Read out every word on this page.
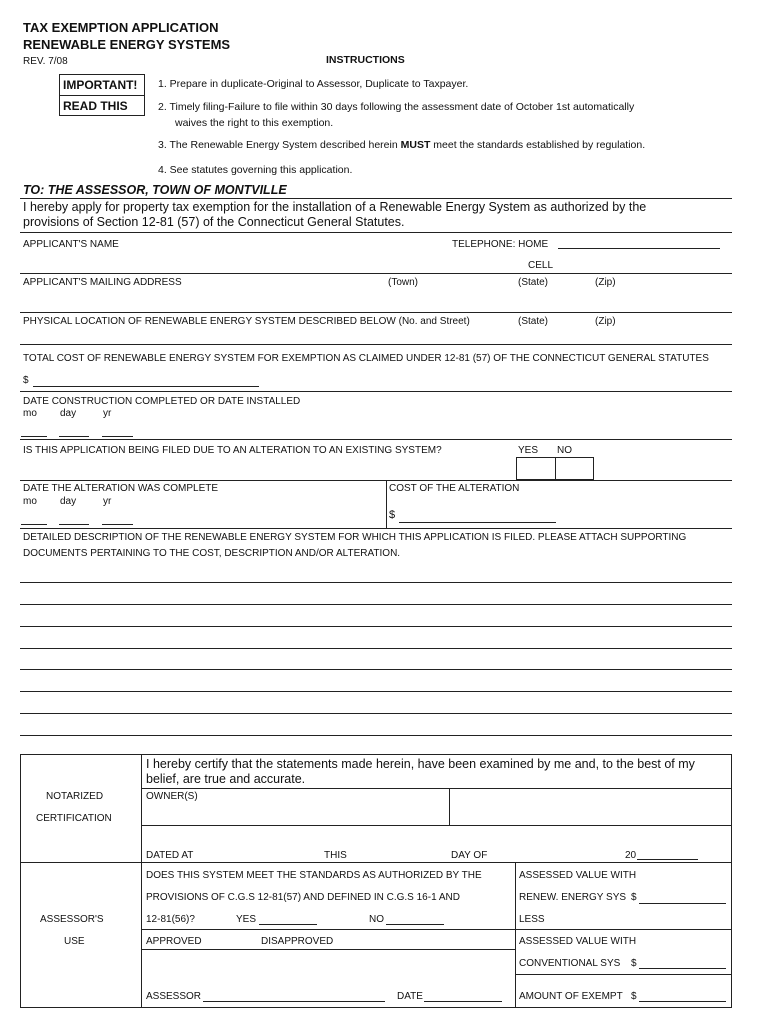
TAX EXEMPTION APPLICATION
RENEWABLE ENERGY SYSTEMS
REV. 7/08	INSTRUCTIONS
IMPORTANT!
READ THIS
1. Prepare in duplicate-Original to Assessor, Duplicate to Taxpayer.
2. Timely filing-Failure to file within 30 days following the assessment date of October 1st automatically
waives the right to this exemption.
3. The Renewable Energy System described herein MUST meet the standards established by regulation.
4. See statutes governing this application.
TO: THE ASSESSOR, TOWN OF MONTVILLE
I hereby apply for property tax exemption for the installation of a Renewable Energy System as authorized by the
provisions of Section 12-81 (57) of the Connecticut General Statutes.
APPLICANT'S NAME	TELEPHONE: HOME
CELL
APPLICANT'S MAILING ADDRESS	(Town)	(State)	(Zip)
PHYSICAL LOCATION OF RENEWABLE ENERGY SYSTEM DESCRIBED BELOW (No. and Street)	(State)	(Zip)
TOTAL COST OF RENEWABLE ENERGY SYSTEM FOR EXEMPTION AS CLAIMED UNDER 12-81 (57) OF THE CONNECTICUT GENERAL STATUTES
$
DATE CONSTRUCTION COMPLETED OR DATE INSTALLED
mo day	yr
IS THIS APPLICATION BEING FILED DUE TO AN ALTERATION TO AN EXISTING SYSTEM?	YES NO
DATE THE ALTERATION WAS COMPLETE
mo day	yr
COST OF THE ALTERATION
$
DETAILED DESCRIPTION OF THE RENEWABLE ENERGY SYSTEM FOR WHICH THIS APPLICATION IS FILED. PLEASE ATTACH SUPPORTING
DOCUMENTS PERTAINING TO THE COST, DESCRIPTION AND/OR ALTERATION.
NOTARIZED
CERTIFICATION
I hereby certify that the statements made herein, have been examined by me and, to the best of my
belief, are true and accurate.
OWNER(S)
DATED AT	THIS	DAY OF	20
ASSESSOR'S
USE
DOES THIS SYSTEM MEET THE STANDARDS AS AUTHORIZED BY THE
PROVISIONS OF C.G.S 12-81(57) AND DEFINED IN C.G.S 16-1 AND
12-81(56)?	YES	NO
APPROVED	DISAPPROVED
ASSESSOR	DATE
ASSESSED VALUE WITH
RENEW. ENERGY SYS $
LESS
ASSESSED VALUE WITH
CONVENTIONAL SYS $
AMOUNT OF EXEMPT $
